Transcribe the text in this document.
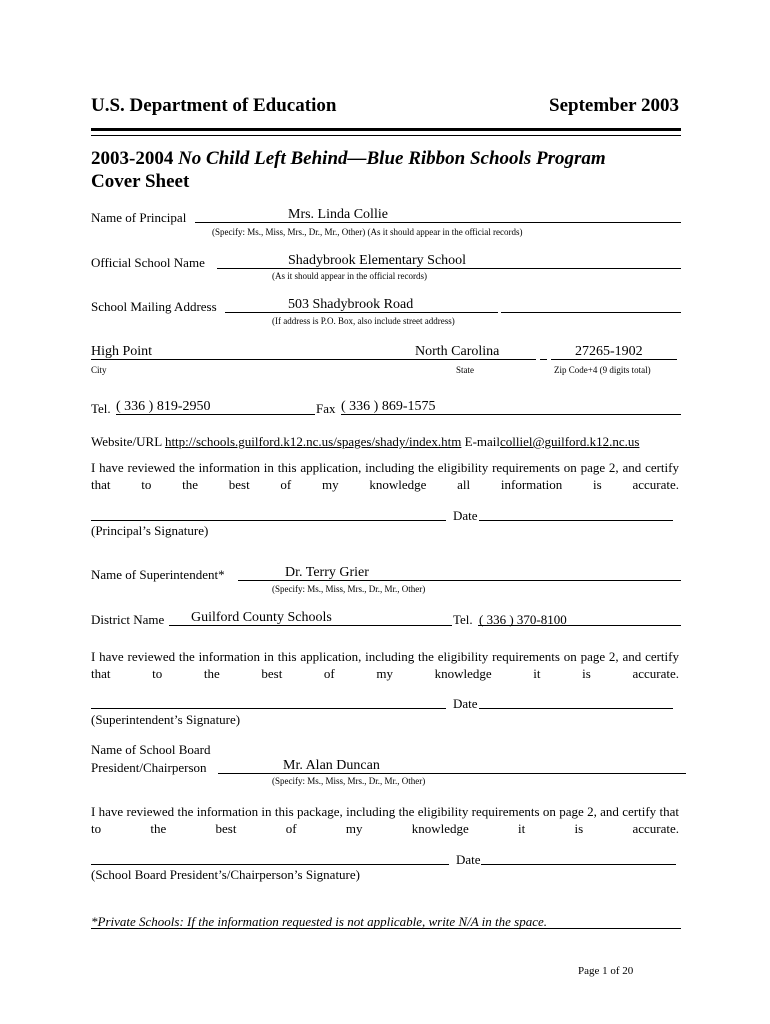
U.S. Department of Education	September 2003
2003-2004 No Child Left Behind—Blue Ribbon Schools Program
Cover Sheet
Name of Principal	Mrs. Linda Collie
(Specify: Ms., Miss, Mrs., Dr., Mr., Other) (As it should appear in the official records)
Official School Name	Shadybrook Elementary School
(As it should appear in the official records)
School Mailing Address	503 Shadybrook Road
(If address is P.O. Box, also include street address)
High Point	North Carolina	27265-1902
City	State	Zip Code+4 (9 digits total)
Tel. ( 336 ) 819-2950	Fax ( 336 ) 869-1575
Website/URL http://schools.guilford.k12.nc.us/spages/shady/index.htm E-mailcolliel@guilford.k12.nc.us
I have reviewed the information in this application, including the eligibility requirements on page 2, and certify that to the best of my knowledge all information is accurate.
Date
(Principal’s Signature)
Name of Superintendent*	Dr. Terry Grier
(Specify: Ms., Miss, Mrs., Dr., Mr., Other)
District Name Guilford County Schools	Tel. ( 336 ) 370-8100
I have reviewed the information in this application, including the eligibility requirements on page 2, and certify that to the best of my knowledge it is accurate.
Date
(Superintendent’s Signature)
Name of School Board
President/Chairperson	Mr. Alan Duncan
(Specify: Ms., Miss, Mrs., Dr., Mr., Other)
I have reviewed the information in this package, including the eligibility requirements on page 2, and certify that to the best of my knowledge it is accurate.
Date
(School Board President’s/Chairperson’s Signature)
*Private Schools: If the information requested is not applicable, write N/A in the space.
Page 1 of 20
